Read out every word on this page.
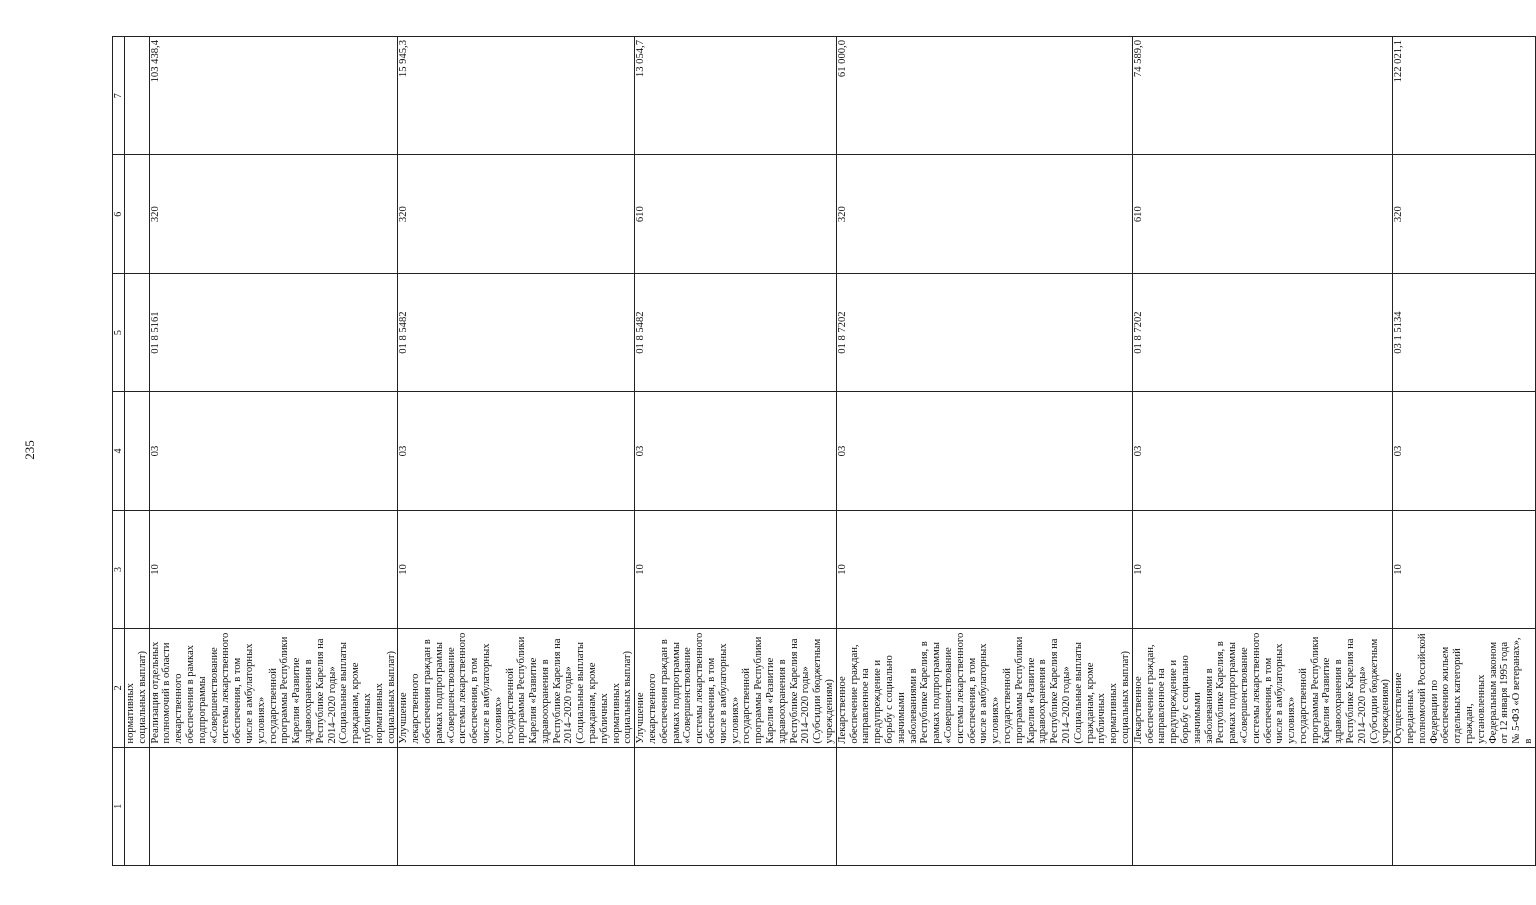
235
1	2	3	4	5	6	7
	нормативных социальных выплат)					
	Реализация отдельных полномочий в области лекарственного обеспечения в рамках подпрограммы «Совершенствование системы лекарственного обеспечения, в том числе в амбулаторных условиях» государственной программы Республики Карелия «Развитие здравоохранения в Республике Карелия на 2014–2020 годы» (Социальные выплаты гражданам, кроме публичных нормативных социальных выплат)	10	03	01 8 5161	320	103 438,4
	Улучшение лекарственного обеспечения граждан в рамках подпрограммы «Совершенствование системы лекарственного обеспечения, в том числе в амбулаторных условиях» государственной программы Республики Карелия «Развитие здравоохранения в Республике Карелия на 2014–2020 годы» (Социальные выплаты гражданам, кроме публичных нормативных социальных выплат)	10	03	01 8 5482	320	15 945,3
	Улучшение лекарственного обеспечения граждан в рамках подпрограммы «Совершенствование системы лекарственного обеспечения, в том числе в амбулаторных условиях» государственной программы Республики Карелия «Развитие здравоохранения в Республике Карелия на 2014–2020 годы» (Субсидии бюджетным учреждениям)	10	03	01 8 5482	610	13 054,7
	Лекарственное обеспечение граждан, направленное на предупреждение и борьбу с социально значимыми заболеваниями в Республике Карелия, в рамках подпрограммы «Совершенствование системы лекарственного обеспечения, в том числе в амбулаторных условиях» государственной программы Республики Карелия «Развитие здравоохранения в Республике Карелия на 2014–2020 годы» (Социальные выплаты гражданам, кроме публичных нормативных социальных выплат)	10	03	01 8 7202	320	61 000,0
	Лекарственное обеспечение граждан, направленное на предупреждение и борьбу с социально значимыми заболеваниями в Республике Карелия, в рамках подпрограммы «Совершенствование системы лекарственного обеспечения, в том числе в амбулаторных условиях» государственной программы Республики Карелия «Развитие здравоохранения в Республике Карелия на 2014–2020 годы» (Субсидии бюджетным учреждениям)	10	03	01 8 7202	610	74 589,0
	Осуществление переданных полномочий Российской Федерации по обеспечению жильем отдельных категорий граждан, установленных Федеральным законом от 12 января 1995 года № 5-ФЗ «О ветеранах», в	10	03	03 1 5134	320	122 021,1
